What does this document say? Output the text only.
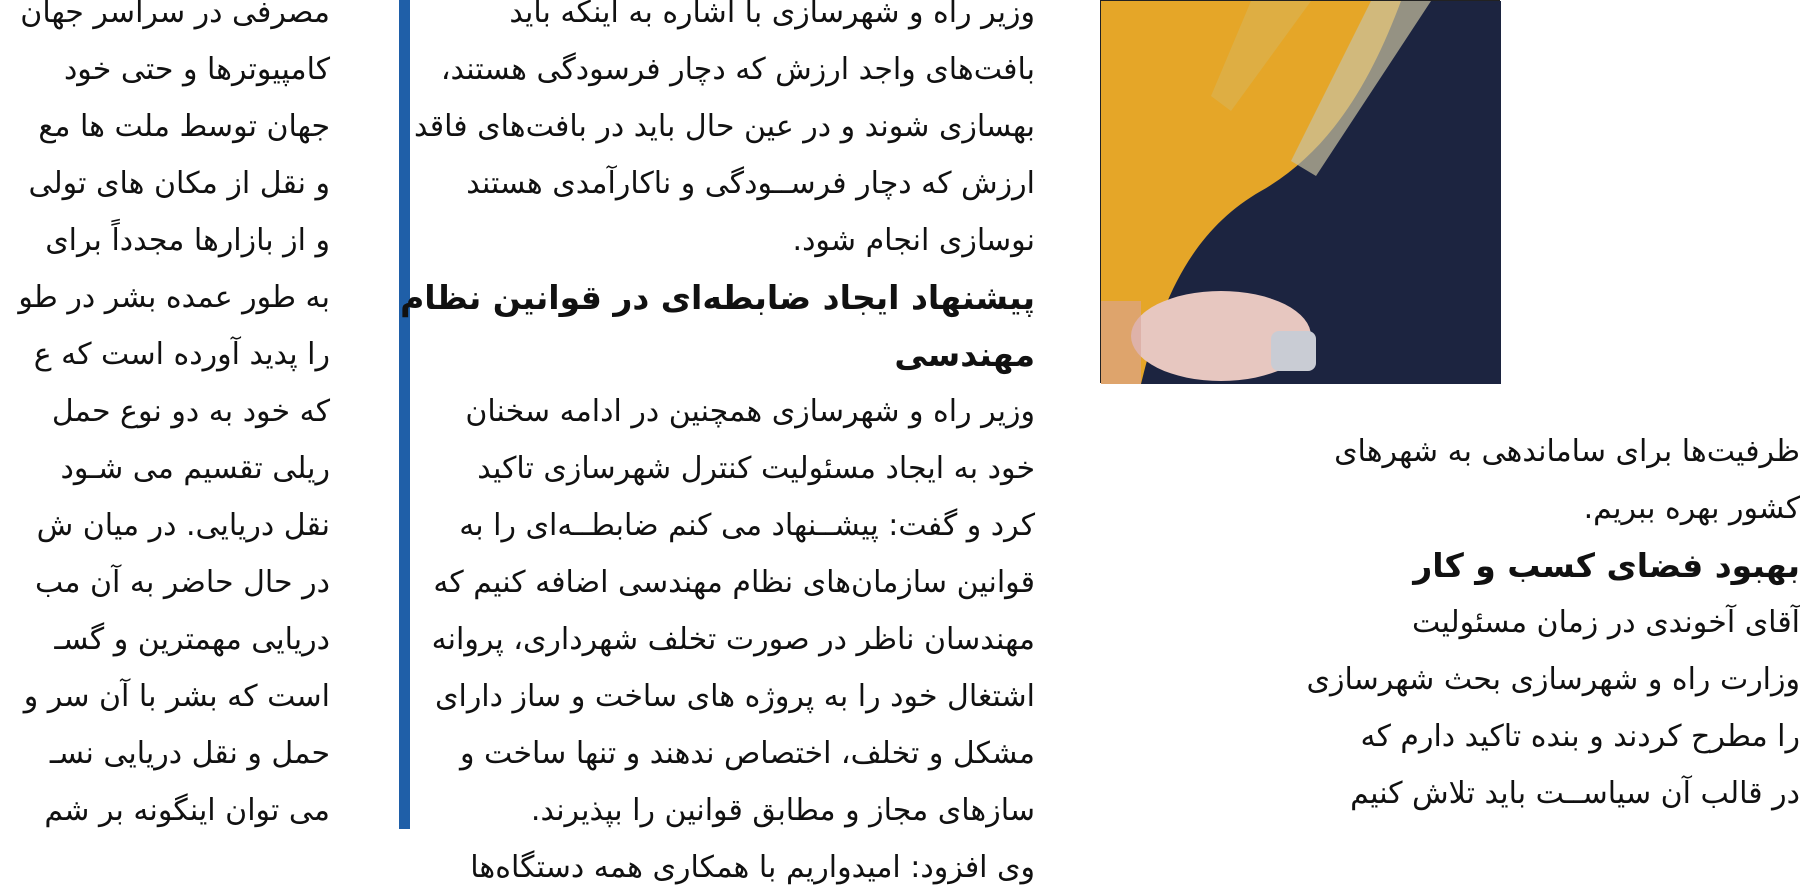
مصرفی در سراسر جهان
کامپیوترها و حتی خود
جهان توسط ملت ها مع
و نقل از مکان های تولی
و از بازارها مجدداً برای
به طور عمده بشر در طو
را پدید آورده است که ع
که خود به دو نوع حمل
ریلی تقسیم می شـود
نقل دریایی. در میان ش
در حال حاضر به آن مب
دریایی مهمترین و گسـ
است که بشر با آن سر و
حمل و نقل دریایی نسـ
می توان اینگونه بر شم
وزیر راه و شهرسازی با اشاره به اینکه باید
بافت‌های واجد ارزش که دچار فرسودگی هستند،
بهسازی شوند و در عین حال باید در بافت‌های فاقد
ارزش که دچار فرســودگی و ناکارآمدی هستند
نوسازی انجام شود.
پیشنهاد ایجاد ضابطه‌ای در قوانین نظام
مهندسی
وزیر راه و شهرسازی همچنین در ادامه سخنان
خود به ایجاد مسئولیت کنترل شهرسازی تاکید
کرد و گفت: پیشــنهاد می کنم ضابطــه‌ای را به
قوانین سازمان‌های نظام مهندسی اضافه کنیم که
مهندسان ناظر در صورت تخلف شهرداری، پروانه
اشتغال خود را به پروژه های ساخت و ساز دارای
مشکل و تخلف، اختصاص ندهند و تنها ساخت و
سازهای مجاز و مطابق قوانین را بپذیرند.
وی افزود: امیدواریم با همکاری همه دستگاه‌ها
ظرفیت‌ها برای ساماندهی به شهرهای
کشور بهره ببریم.
بهبود فضای کسب و کار
آقای آخوندی در زمان مسئولیت
وزارت راه و شهرسازی بحث شهرسازی
را مطرح کردند و بنده تاکید دارم که
در قالب آن سیاســت باید تلاش کنیم
